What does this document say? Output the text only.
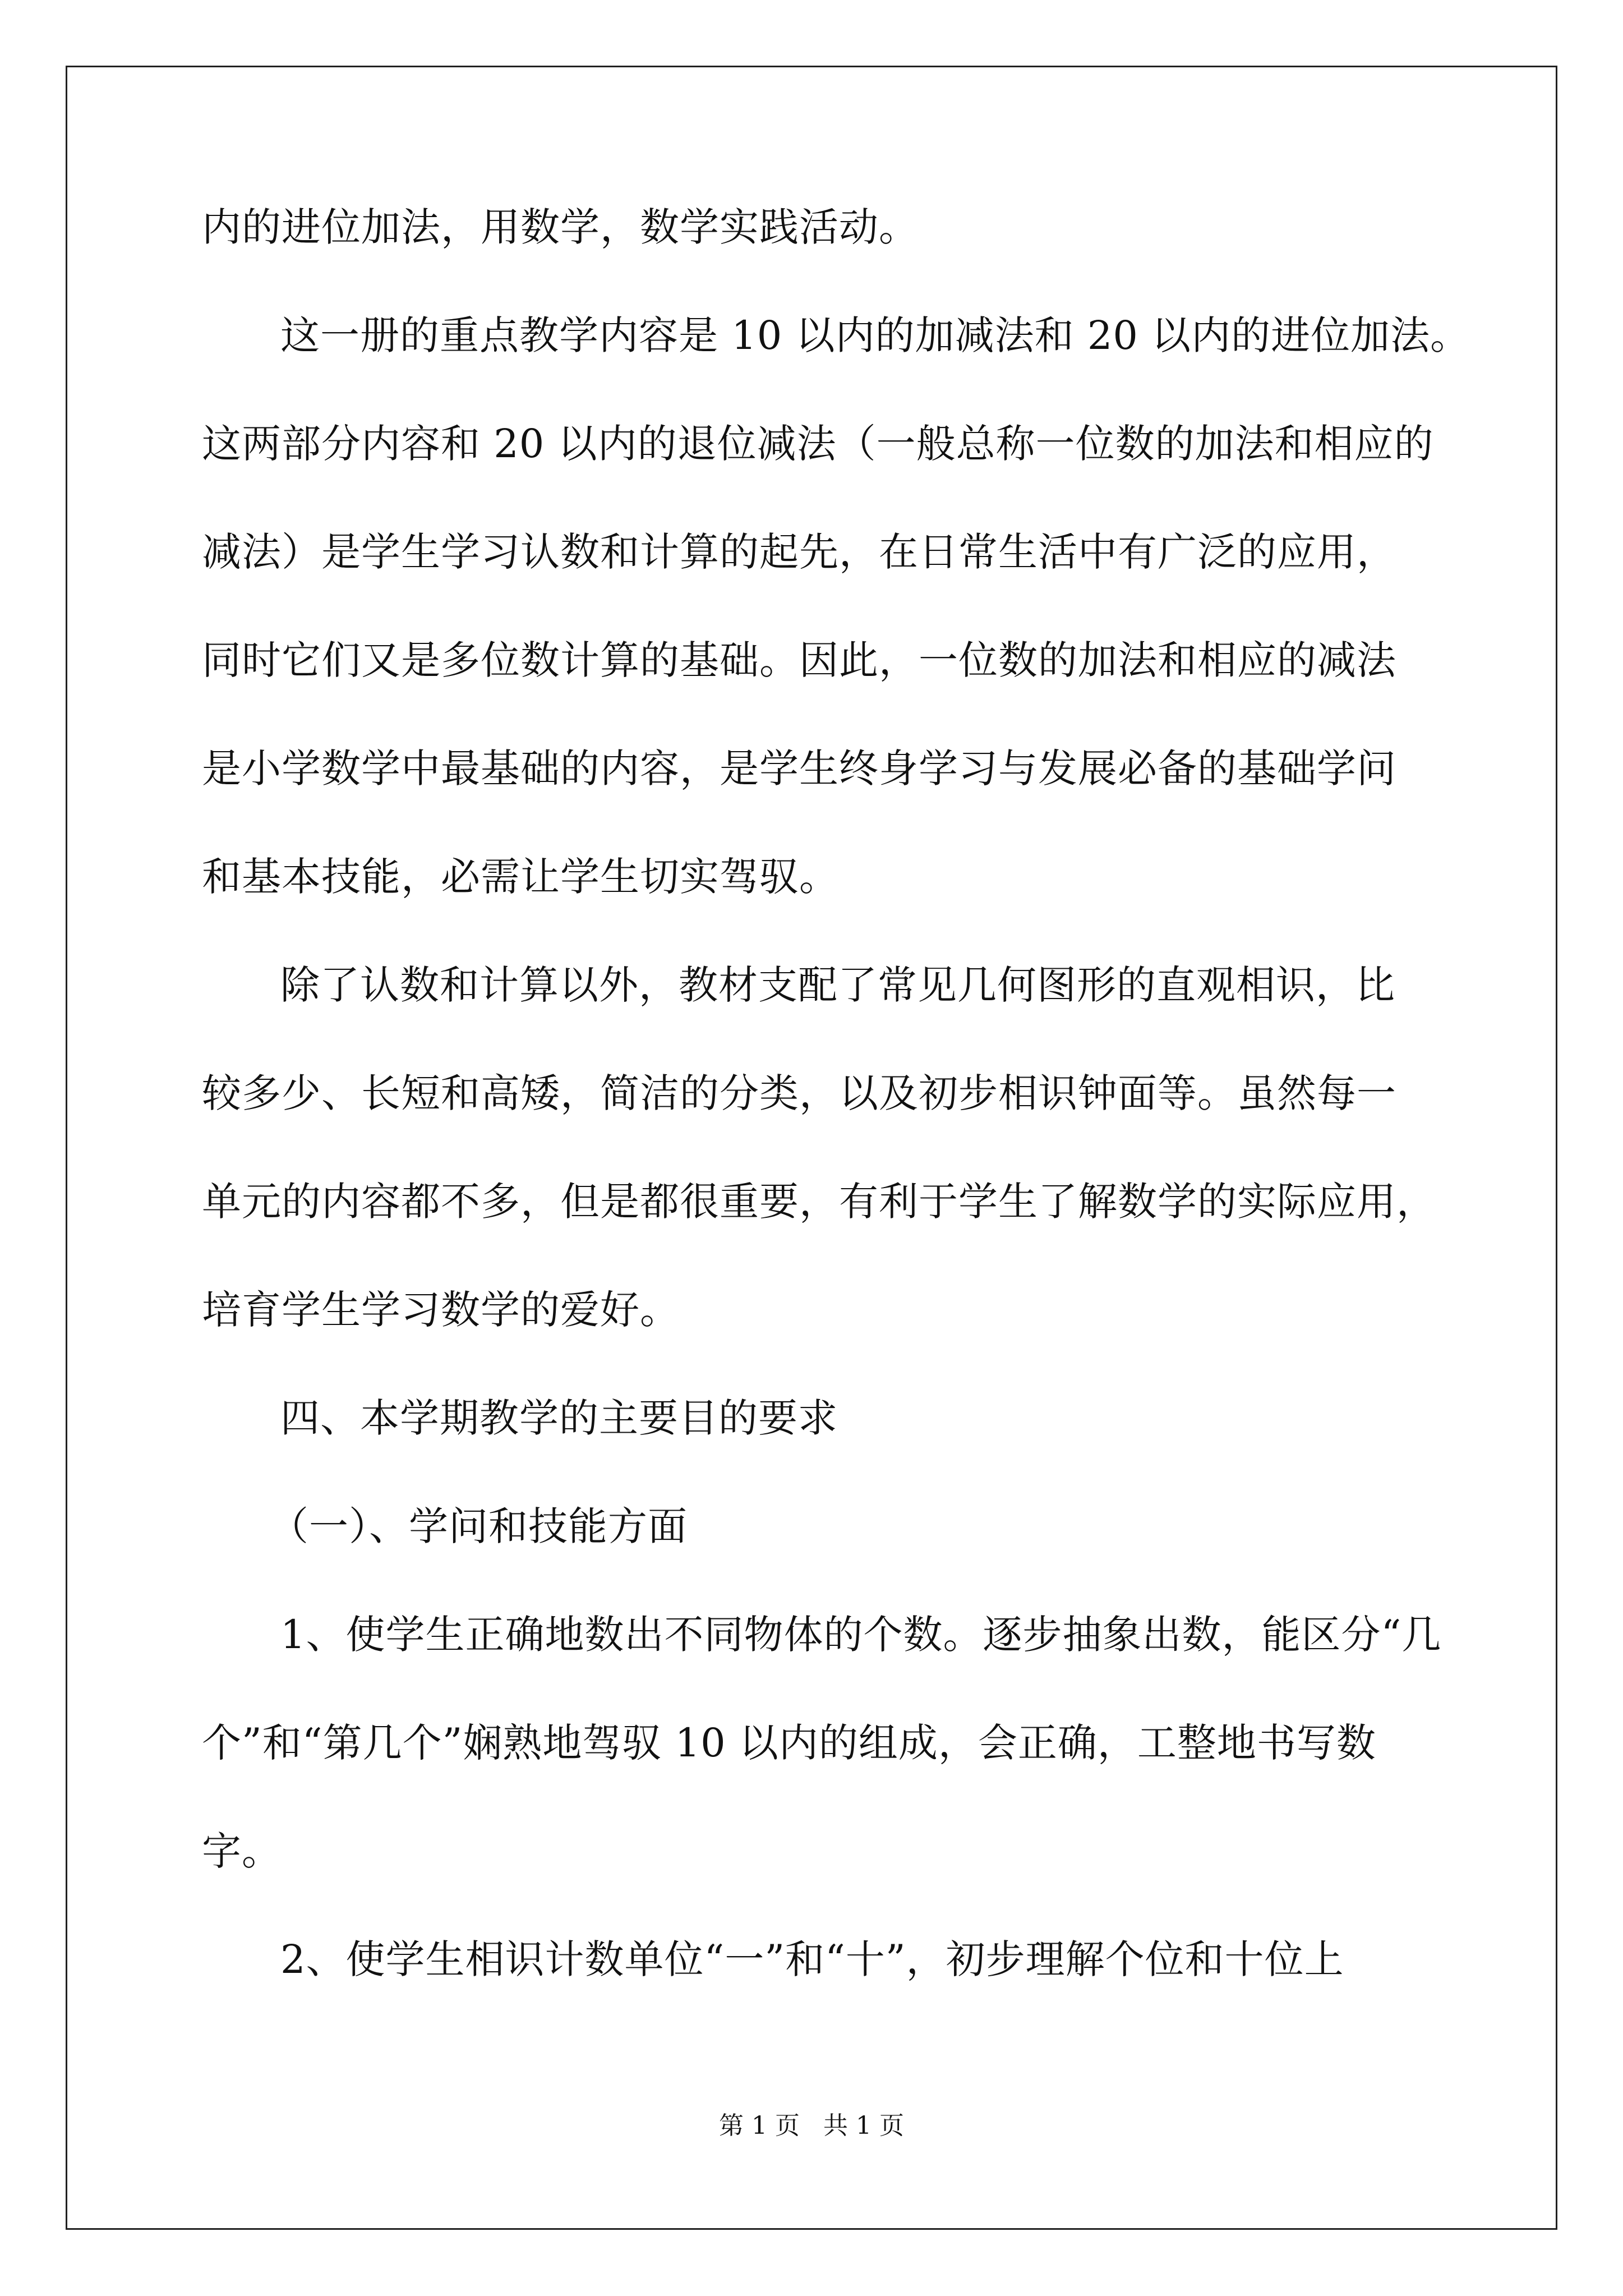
内的进位加法，用数学，数学实践活动。
这一册的重点教学内容是 10 以内的加减法和 20 以内的进位加法。
这两部分内容和 20 以内的退位减法（一般总称一位数的加法和相应的
减法）是学生学习认数和计算的起先，在日常生活中有广泛的应用，
同时它们又是多位数计算的基础。因此，一位数的加法和相应的减法
是小学数学中最基础的内容，是学生终身学习与发展必备的基础学问
和基本技能，必需让学生切实驾驭。
除了认数和计算以外，教材支配了常见几何图形的直观相识，比
较多少、长短和高矮，简洁的分类，以及初步相识钟面等。虽然每一
单元的内容都不多，但是都很重要，有利于学生了解数学的实际应用，
培育学生学习数学的爱好。
四、本学期教学的主要目的要求
（一）、学问和技能方面
1、使学生正确地数出不同物体的个数。逐步抽象出数，能区分“几
个”和“第几个”娴熟地驾驭 10 以内的组成，会正确，工整地书写数
字。
2、使学生相识计数单位“一”和“十”，初步理解个位和十位上
第 1 页   共 1 页
